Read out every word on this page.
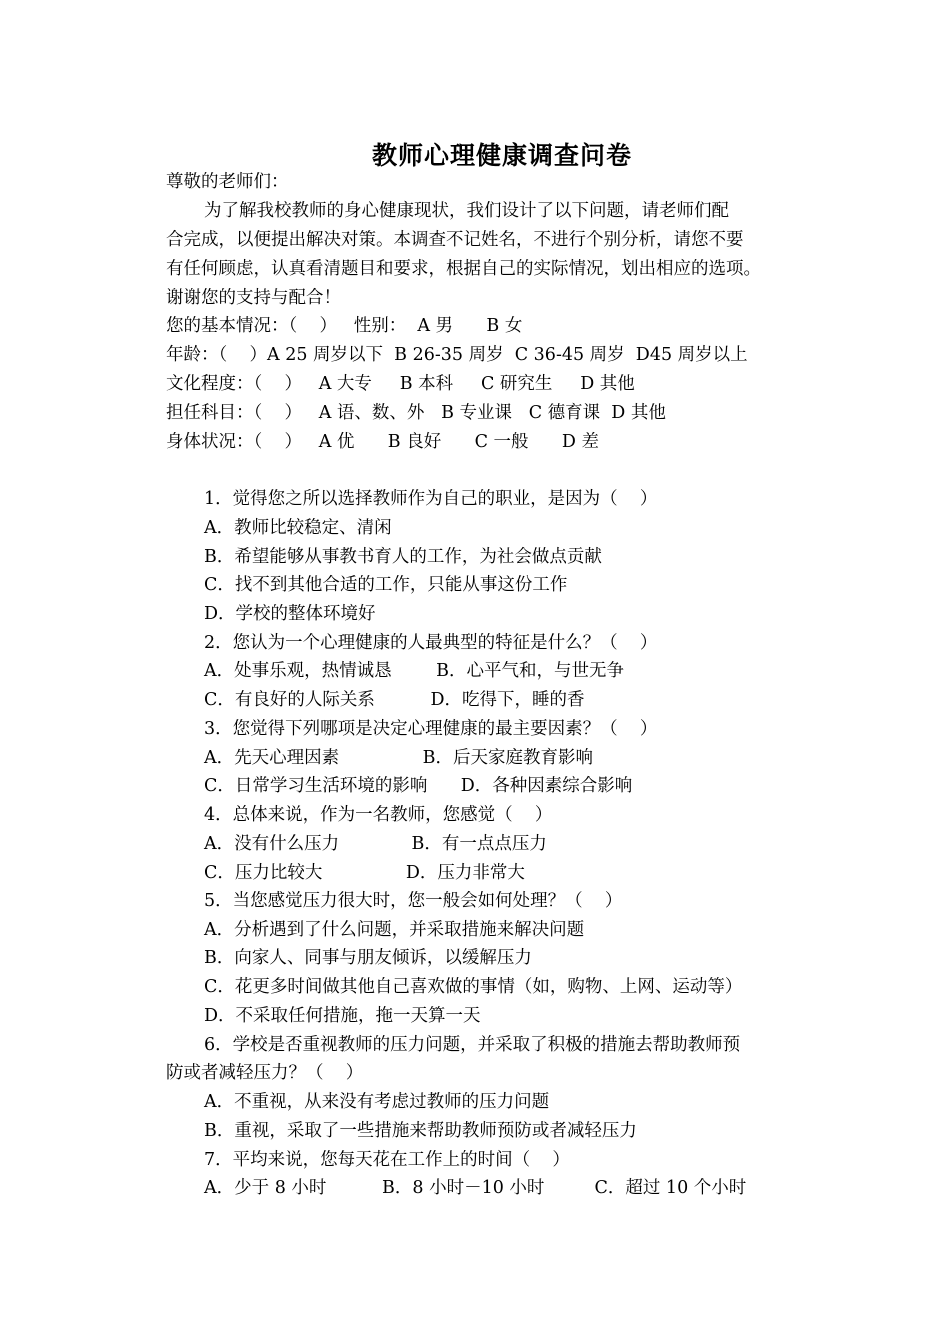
教师心理健康调查问卷
尊敬的老师们：
为了解我校教师的身心健康现状，我们设计了以下问题，请老师们配
合完成，以便提出解决对策。本调查不记姓名，不进行个别分析，请您不要
有任何顾虑，认真看清题目和要求，根据自己的实际情况，划出相应的选项。
谢谢您的支持与配合！
您的基本情况：（    ）   性别：  A 男      B 女
年龄：（    ）A 25 周岁以下  B 26-35 周岁  C 36-45 周岁  D45 周岁以上
文化程度：（    ）   A 大专     B 本科     C 研究生     D 其他
担任科目：（    ）   A 语、数、外   B 专业课   C 德育课  D 其他
身体状况：（    ）   A 优      B 良好      C 一般      D 差
1．觉得您之所以选择教师作为自己的职业，是因为（    ）
A．教师比较稳定、清闲
B．希望能够从事教书育人的工作，为社会做点贡献
C．找不到其他合适的工作，只能从事这份工作
D．学校的整体环境好
2．您认为一个心理健康的人最典型的特征是什么？（    ）
A．处事乐观，热情诚恳        B．心平气和，与世无争
C．有良好的人际关系          D．吃得下，睡的香
3．您觉得下列哪项是决定心理健康的最主要因素？（    ）
A．先天心理因素               B．后天家庭教育影响
C．日常学习生活环境的影响      D．各种因素综合影响
4．总体来说，作为一名教师，您感觉（    ）
A．没有什么压力             B．有一点点压力
C．压力比较大               D．压力非常大
5．当您感觉压力很大时，您一般会如何处理？（    ）
A．分析遇到了什么问题，并采取措施来解决问题
B．向家人、同事与朋友倾诉，以缓解压力
C．花更多时间做其他自己喜欢做的事情（如，购物、上网、运动等）
D．不采取任何措施，拖一天算一天
6．学校是否重视教师的压力问题，并采取了积极的措施去帮助教师预
防或者减轻压力？（    ）
A．不重视，从来没有考虑过教师的压力问题
B．重视，采取了一些措施来帮助教师预防或者减轻压力
7．平均来说，您每天花在工作上的时间（    ）
A．少于 8 小时          B．8 小时－10 小时         C．超过 10 个小时
